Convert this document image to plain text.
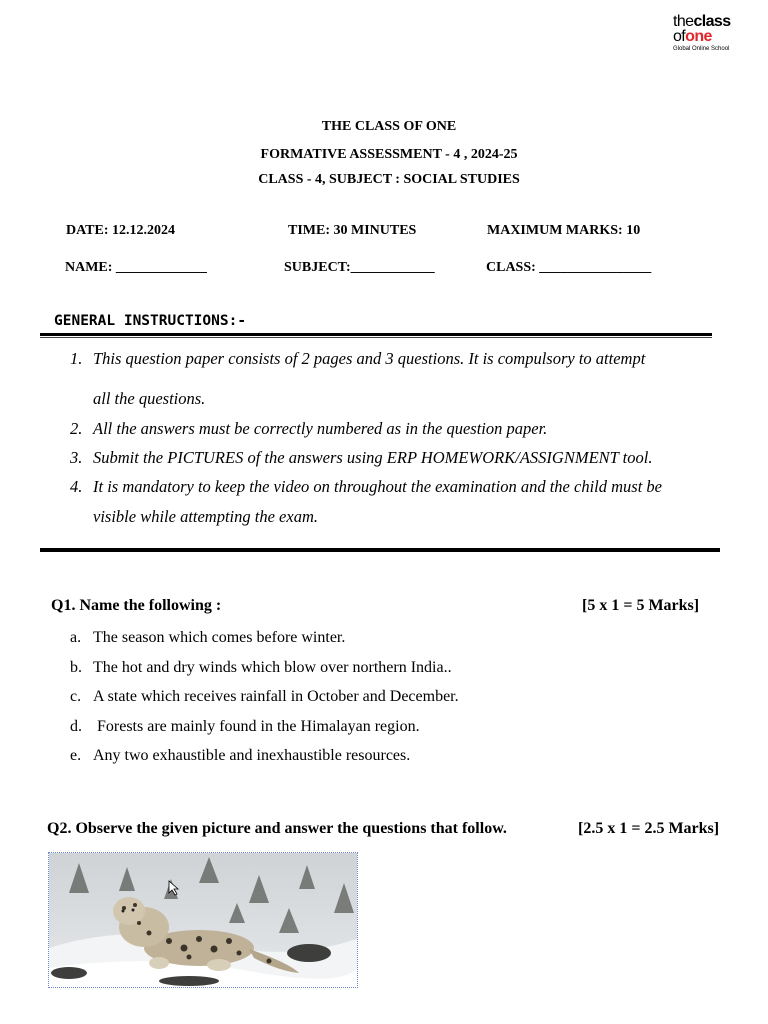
theclass
ofone
Global Online School
THE CLASS OF ONE
FORMATIVE ASSESSMENT - 4 , 2024-25
CLASS - 4, SUBJECT : SOCIAL STUDIES
DATE: 12.12.2024	TIME: 30 MINUTES	MAXIMUM MARKS: 10
NAME: _____________	SUBJECT:____________	CLASS: ________________
GENERAL INSTRUCTIONS:-
1. This question paper consists of 2 pages and 3 questions. It is compulsory to attempt
all the questions.
2. All the answers must be correctly numbered as in the question paper.
3. Submit the PICTURES of the answers using ERP HOMEWORK/ASSIGNMENT tool.
4. It is mandatory to keep the video on throughout the examination and the child must be
visible while attempting the exam.
Q1. Name the following :	[5 x 1 = 5 Marks]
a. The season which comes before winter.
b. The hot and dry winds which blow over northern India..
c. A state which receives rainfall in October and December.
d. Forests are mainly found in the Himalayan region.
e. Any two exhaustible and inexhaustible resources.
Q2. Observe the given picture and answer the questions that follow.	[2.5 x 1 = 2.5 Marks]
